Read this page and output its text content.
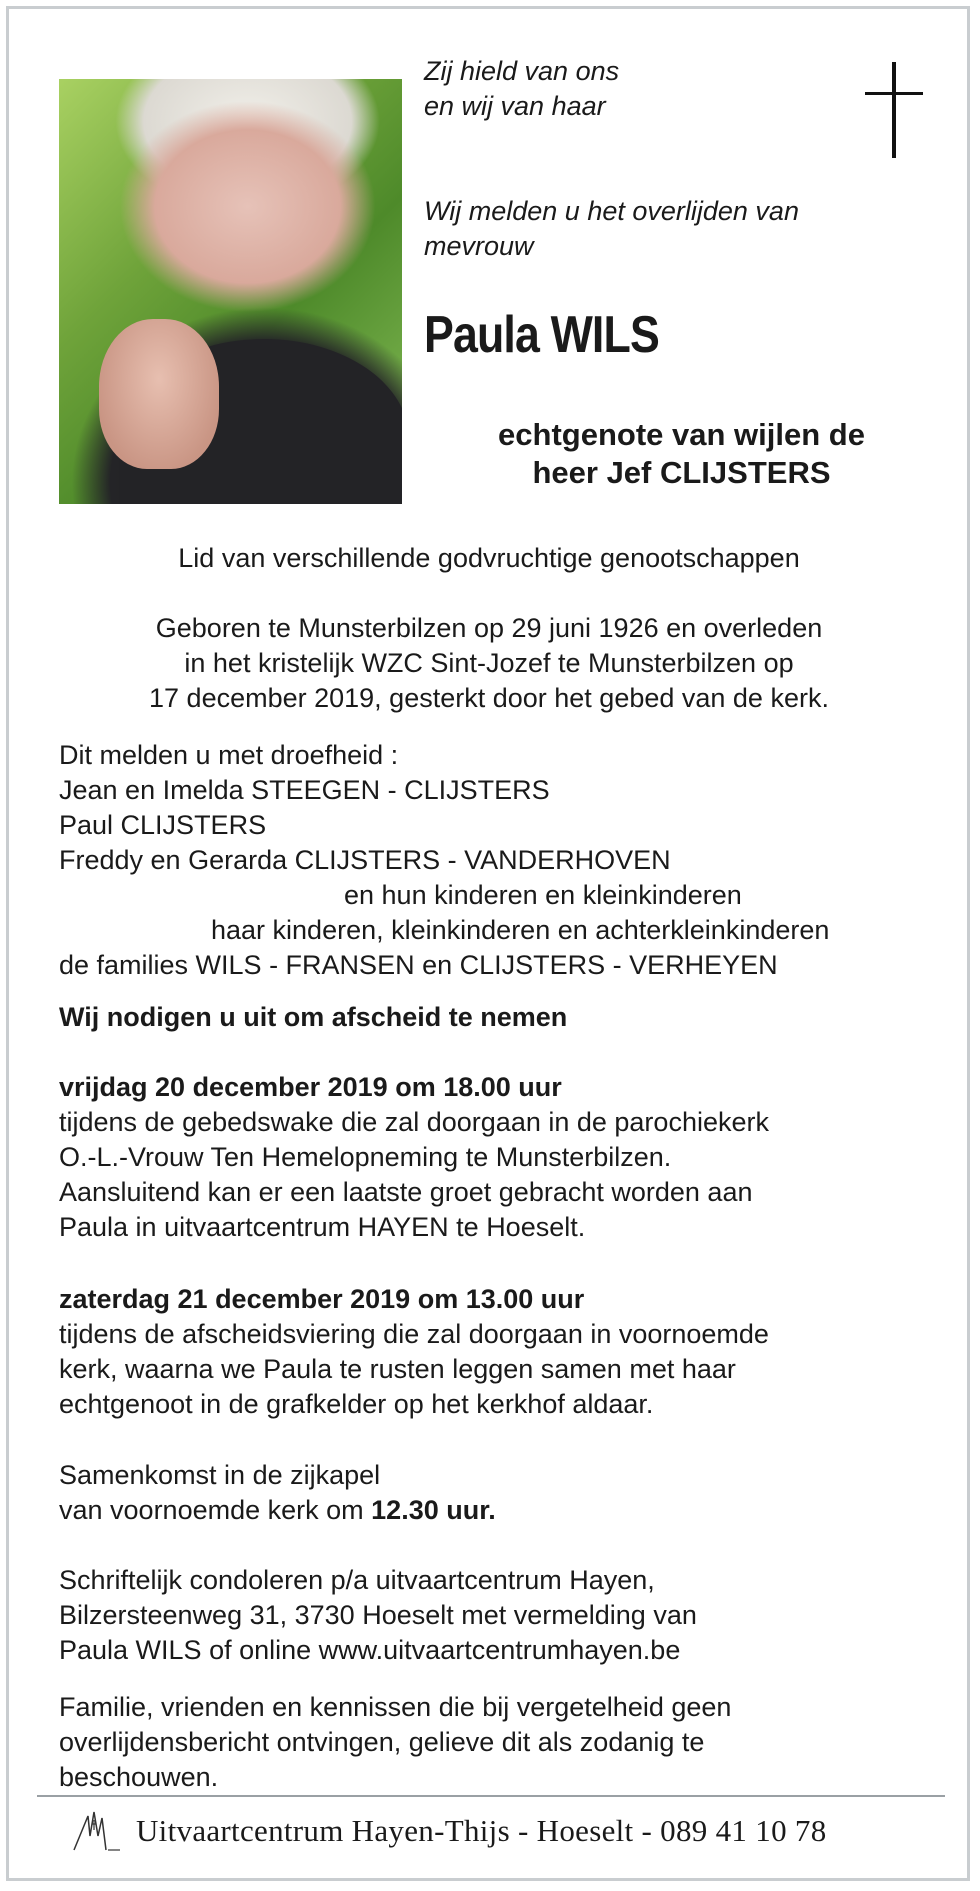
Zij hield van ons
en wij van haar
Wij melden u het overlijden van
mevrouw
Paula WILS
echtgenote van wijlen de
heer Jef CLIJSTERS
Lid van verschillende godvruchtige genootschappen
Geboren te Munsterbilzen op 29 juni 1926 en overleden
in het kristelijk WZC Sint-Jozef te Munsterbilzen op
17 december 2019, gesterkt door het gebed van de kerk.
Dit melden u met droefheid :
Jean en Imelda STEEGEN - CLIJSTERS
Paul CLIJSTERS
Freddy en Gerarda CLIJSTERS - VANDERHOVEN
en hun kinderen en kleinkinderen
haar kinderen, kleinkinderen en achterkleinkinderen
de families WILS - FRANSEN en CLIJSTERS - VERHEYEN
Wij nodigen u uit om afscheid te nemen
vrijdag 20 december 2019 om 18.00 uur
tijdens de gebedswake die zal doorgaan in de parochiekerk
O.-L.-Vrouw Ten Hemelopneming te Munsterbilzen.
Aansluitend kan er een laatste groet gebracht worden aan
Paula in uitvaartcentrum HAYEN te Hoeselt.
zaterdag 21 december 2019 om 13.00 uur
tijdens de afscheidsviering die zal doorgaan in voornoemde
kerk, waarna we Paula te rusten leggen samen met haar
echtgenoot in de grafkelder op het kerkhof aldaar.
Samenkomst in de zijkapel
van voornoemde kerk om 12.30 uur.
Schriftelijk condoleren p/a uitvaartcentrum Hayen,
Bilzersteenweg 31, 3730 Hoeselt met vermelding van
Paula WILS of online www.uitvaartcentrumhayen.be
Familie, vrienden en kennissen die bij vergetelheid geen
overlijdensbericht ontvingen, gelieve dit als zodanig te
beschouwen.
Uitvaartcentrum Hayen-Thijs - Hoeselt - 089 41 10 78
